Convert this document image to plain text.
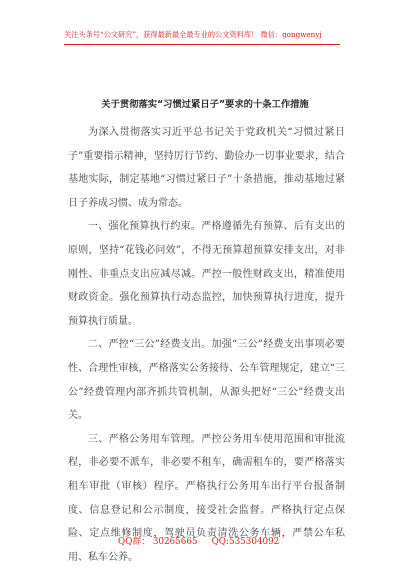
关注头条号“公文研究”，获得最新最全最专业的公文资料库！ 微信：gongwenyj
关于贯彻落实“习惯过紧日子”要求的十条工作措施

为深入贯彻落实习近平总书记关于党政机关“习惯过紧日子”重要指示精神，坚持厉行节约、勤俭办一切事业要求，结合基地实际，制定基地“习惯过紧日子”十条措施，推动基地过紧日子养成习惯、成为常态。

一、强化预算执行约束。严格遵循先有预算、后有支出的原则，坚持“花钱必问效”，不得无预算超预算安排支出，对非刚性、非重点支出应减尽减。严控一般性财政支出，精准使用财政资金。强化预算执行动态监控，加快预算执行进度，提升预算执行质量。

二、严控“三公”经费支出。加强“三公”经费支出事项必要性、合理性审核，严格落实公务接待、公车管理规定，建立“三公”经费管理内部齐抓共管机制，从源头把好“三公”经费支出关。

三、严格公务用车管理。严控公务用车使用范围和审批流程，非必要不派车，非必要不租车，确需租车的，要严格落实租车审批（审核）程序。严格执行公务用车出行平台报备制度、信息登记和公示制度，接受社会监督。严格执行定点保险、定点维修制度，驾驶员负责清洗公务车辆，严禁公车私用、私车公养。

QQ群： 30265665 QQ:535304092
